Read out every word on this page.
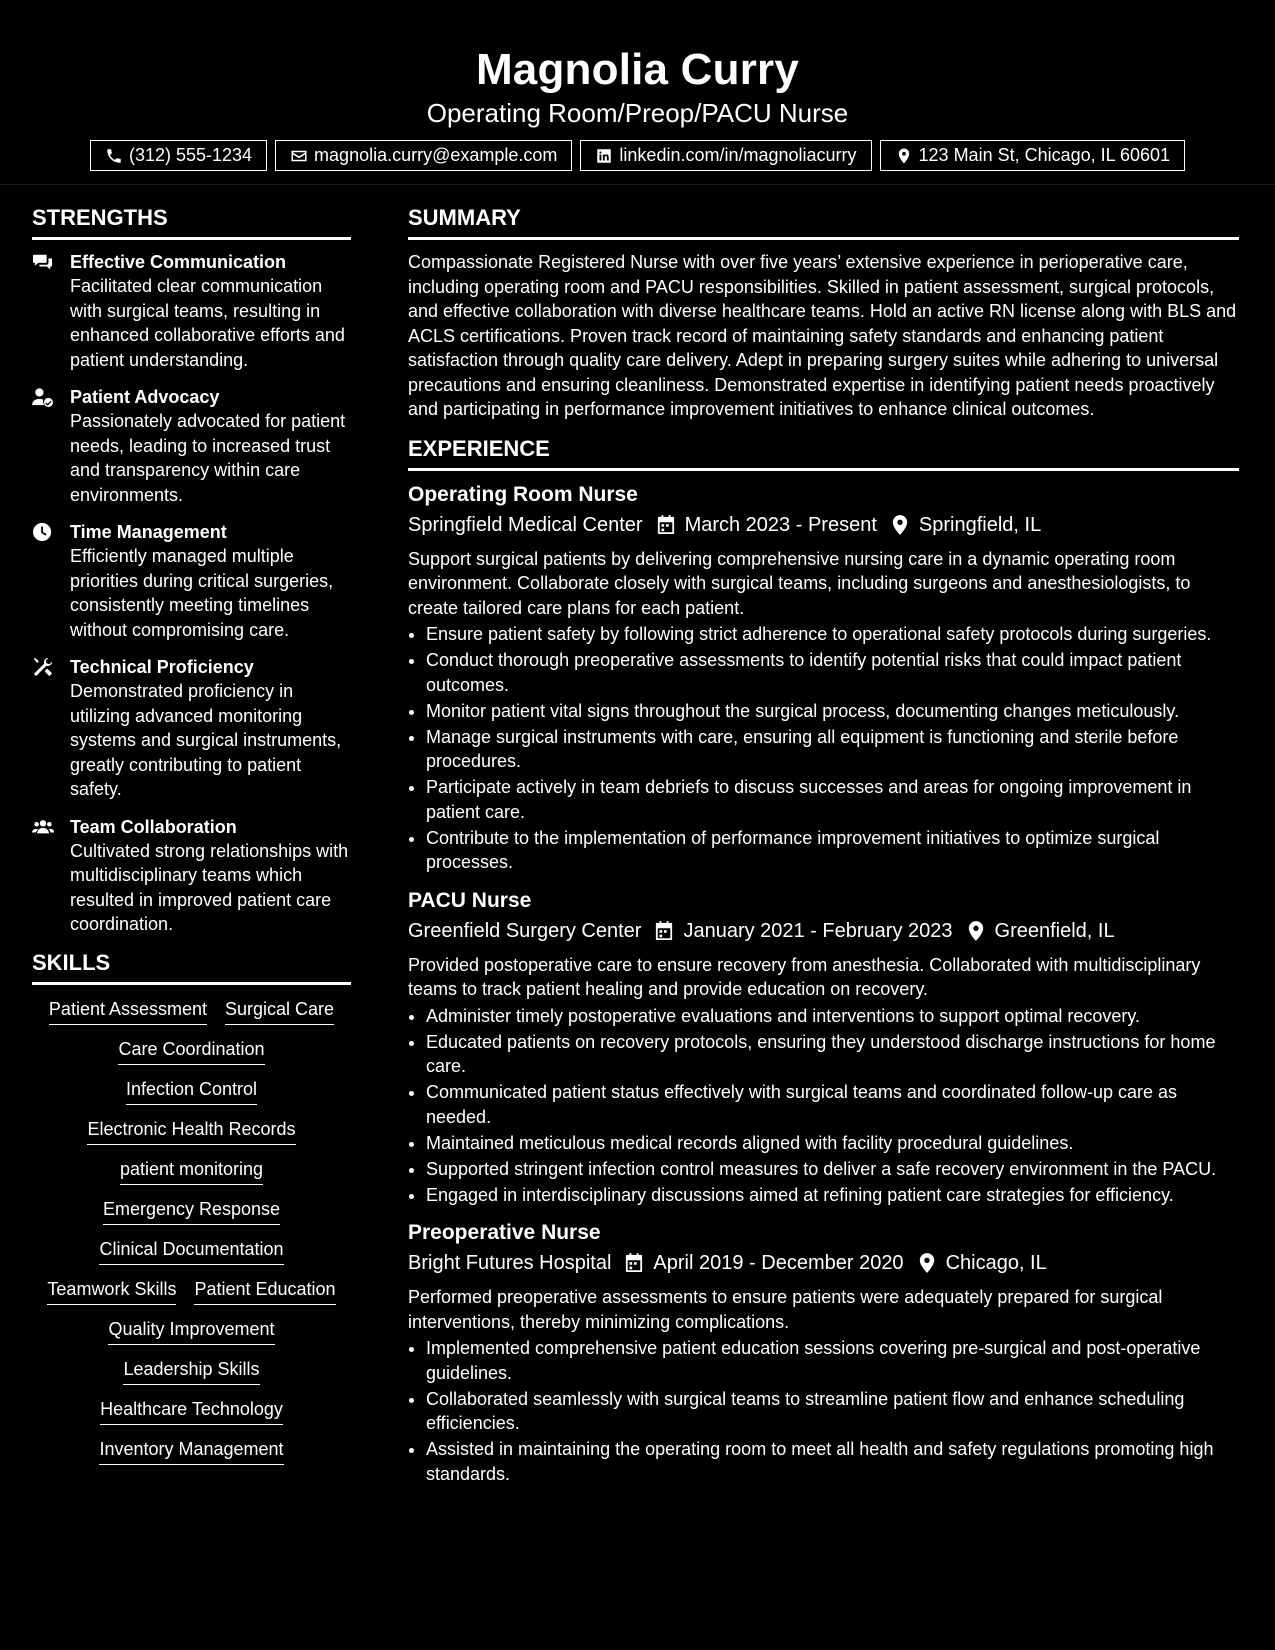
Magnolia Curry
Operating Room/Preop/PACU Nurse
(312) 555-1234	magnolia.curry@example.com	linkedin.com/in/magnoliacurry	123 Main St, Chicago, IL 60601
STRENGTHS
Effective Communication
Facilitated clear communication with surgical teams, resulting in enhanced collaborative efforts and patient understanding.
Patient Advocacy
Passionately advocated for patient needs, leading to increased trust and transparency within care environments.
Time Management
Efficiently managed multiple priorities during critical surgeries, consistently meeting timelines without compromising care.
Technical Proficiency
Demonstrated proficiency in utilizing advanced monitoring systems and surgical instruments, greatly contributing to patient safety.
Team Collaboration
Cultivated strong relationships with multidisciplinary teams which resulted in improved patient care coordination.
SKILLS
Patient Assessment Surgical Care
Care Coordination
Infection Control
Electronic Health Records
patient monitoring
Emergency Response
Clinical Documentation
Teamwork Skills Patient Education
Quality Improvement
Leadership Skills
Healthcare Technology
Inventory Management
SUMMARY
Compassionate Registered Nurse with over five years’ extensive experience in perioperative care, including operating room and PACU responsibilities. Skilled in patient assessment, surgical protocols, and effective collaboration with diverse healthcare teams. Hold an active RN license along with BLS and ACLS certifications. Proven track record of maintaining safety standards and enhancing patient satisfaction through quality care delivery. Adept in preparing surgery suites while adhering to universal precautions and ensuring cleanliness. Demonstrated expertise in identifying patient needs proactively and participating in performance improvement initiatives to enhance clinical outcomes.
EXPERIENCE
Operating Room Nurse
Springfield Medical Center March 2023 - Present Springfield, IL
Support surgical patients by delivering comprehensive nursing care in a dynamic operating room environment. Collaborate closely with surgical teams, including surgeons and anesthesiologists, to create tailored care plans for each patient.
• Ensure patient safety by following strict adherence to operational safety protocols during surgeries.
• Conduct thorough preoperative assessments to identify potential risks that could impact patient outcomes.
• Monitor patient vital signs throughout the surgical process, documenting changes meticulously.
• Manage surgical instruments with care, ensuring all equipment is functioning and sterile before procedures.
• Participate actively in team debriefs to discuss successes and areas for ongoing improvement in patient care.
• Contribute to the implementation of performance improvement initiatives to optimize surgical processes.
PACU Nurse
Greenfield Surgery Center January 2021 - February 2023 Greenfield, IL
Provided postoperative care to ensure recovery from anesthesia. Collaborated with multidisciplinary teams to track patient healing and provide education on recovery.
• Administer timely postoperative evaluations and interventions to support optimal recovery.
• Educated patients on recovery protocols, ensuring they understood discharge instructions for home care.
• Communicated patient status effectively with surgical teams and coordinated follow-up care as needed.
• Maintained meticulous medical records aligned with facility procedural guidelines.
• Supported stringent infection control measures to deliver a safe recovery environment in the PACU.
• Engaged in interdisciplinary discussions aimed at refining patient care strategies for efficiency.
Preoperative Nurse
Bright Futures Hospital April 2019 - December 2020 Chicago, IL
Performed preoperative assessments to ensure patients were adequately prepared for surgical interventions, thereby minimizing complications.
• Implemented comprehensive patient education sessions covering pre-surgical and post-operative guidelines.
• Collaborated seamlessly with surgical teams to streamline patient flow and enhance scheduling efficiencies.
• Assisted in maintaining the operating room to meet all health and safety regulations promoting high standards.
